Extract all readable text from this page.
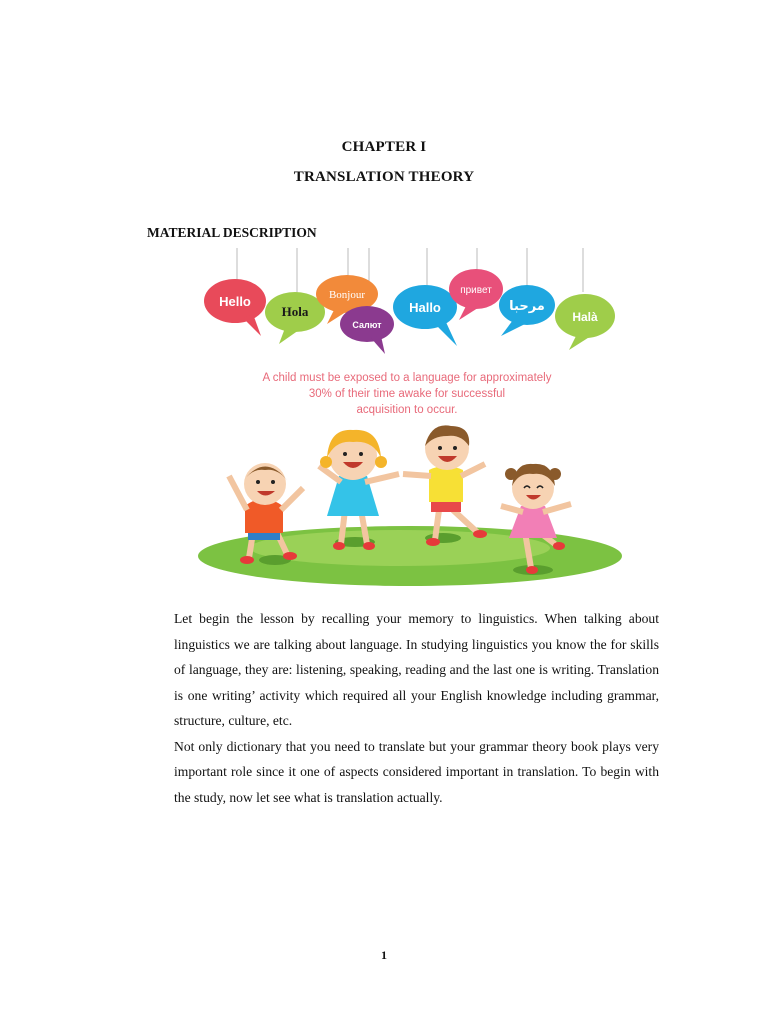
CHAPTER I
TRANSLATION THEORY
MATERIAL DESCRIPTION
Hello
Hola
Bonjour
Салют
Hallo
привет
مرحبا
Halà
A child must be exposed to a language for approximately
30% of their time awake for successful
acquisition to occur.

Let begin the lesson by recalling your memory to linguistics. When talking about linguistics we are talking about language. In studying linguistics you know the for skills of language, they are: listening, speaking, reading and the last one is writing. Translation is one writing’ activity which required all your English knowledge including grammar, structure, culture, etc.

Not only dictionary that you need to translate but your grammar theory book plays very important role since it one of aspects considered important in translation. To begin with the study, now let see what is translation actually.

1
